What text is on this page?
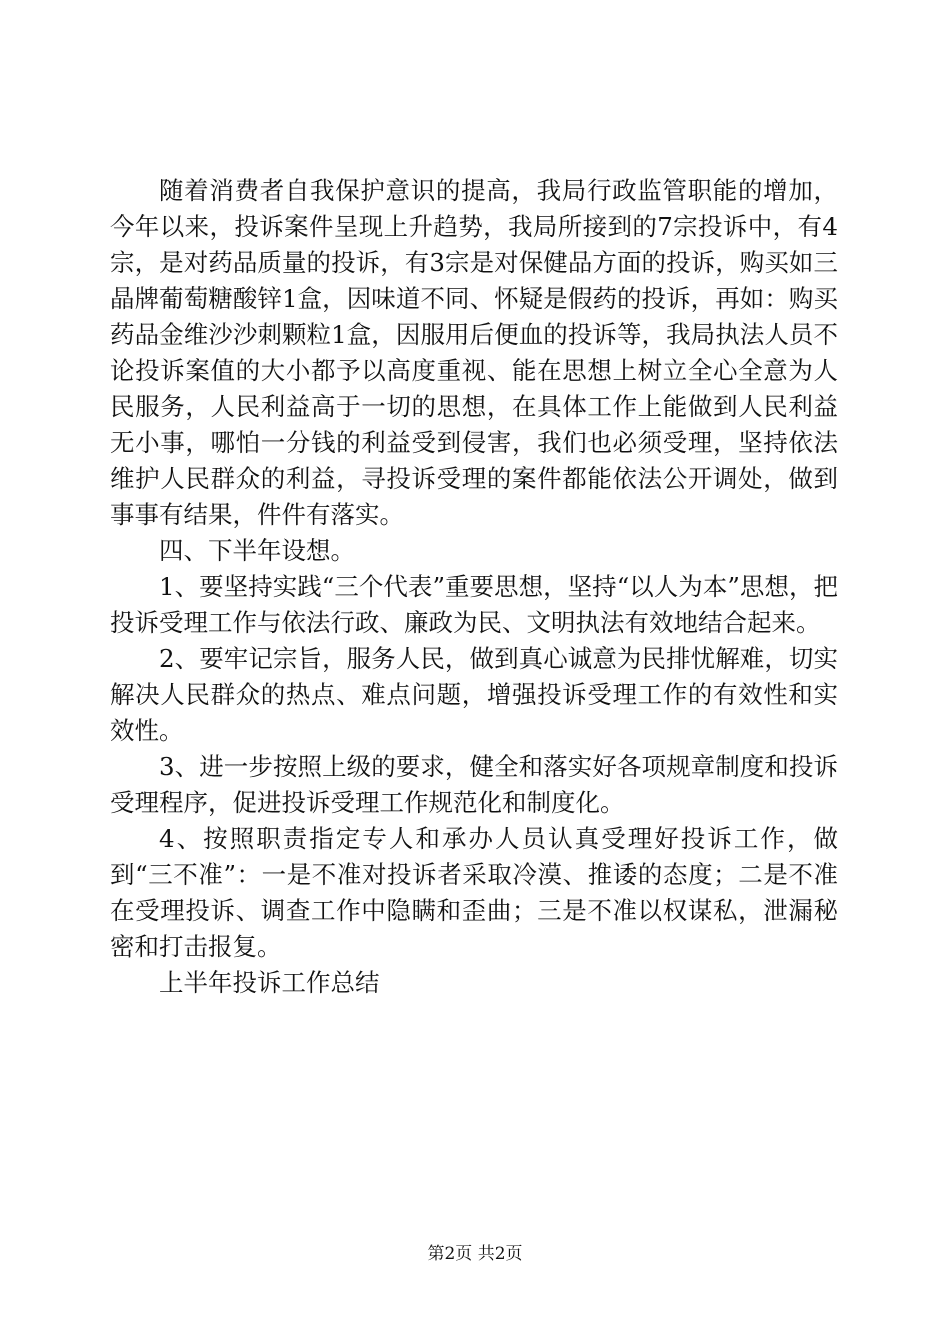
随着消费者自我保护意识的提高，我局行政监管职能的增加，今年以来，投诉案件呈现上升趋势，我局所接到的7宗投诉中，有4宗，是对药品质量的投诉，有3宗是对保健品方面的投诉，购买如三晶牌葡萄糖酸锌1盒，因味道不同、怀疑是假药的投诉，再如：购买药品金维沙沙刺颗粒1盒，因服用后便血的投诉等，我局执法人员不论投诉案值的大小都予以高度重视、能在思想上树立全心全意为人民服务，人民利益高于一切的思想，在具体工作上能做到人民利益无小事，哪怕一分钱的利益受到侵害，我们也必须受理，坚持依法维护人民群众的利益，寻投诉受理的案件都能依法公开调处，做到事事有结果，件件有落实。

四、下半年设想。

1、要坚持实践“三个代表”重要思想，坚持“以人为本”思想，把投诉受理工作与依法行政、廉政为民、文明执法有效地结合起来。

2、要牢记宗旨，服务人民，做到真心诚意为民排忧解难，切实解决人民群众的热点、难点问题，增强投诉受理工作的有效性和实效性。

3、进一步按照上级的要求，健全和落实好各项规章制度和投诉受理程序，促进投诉受理工作规范化和制度化。

4、按照职责指定专人和承办人员认真受理好投诉工作，做到“三不准”：一是不准对投诉者采取冷漠、推诿的态度；二是不准在受理投诉、调查工作中隐瞒和歪曲；三是不准以权谋私，泄漏秘密和打击报复。

上半年投诉工作总结

第2页 共2页
